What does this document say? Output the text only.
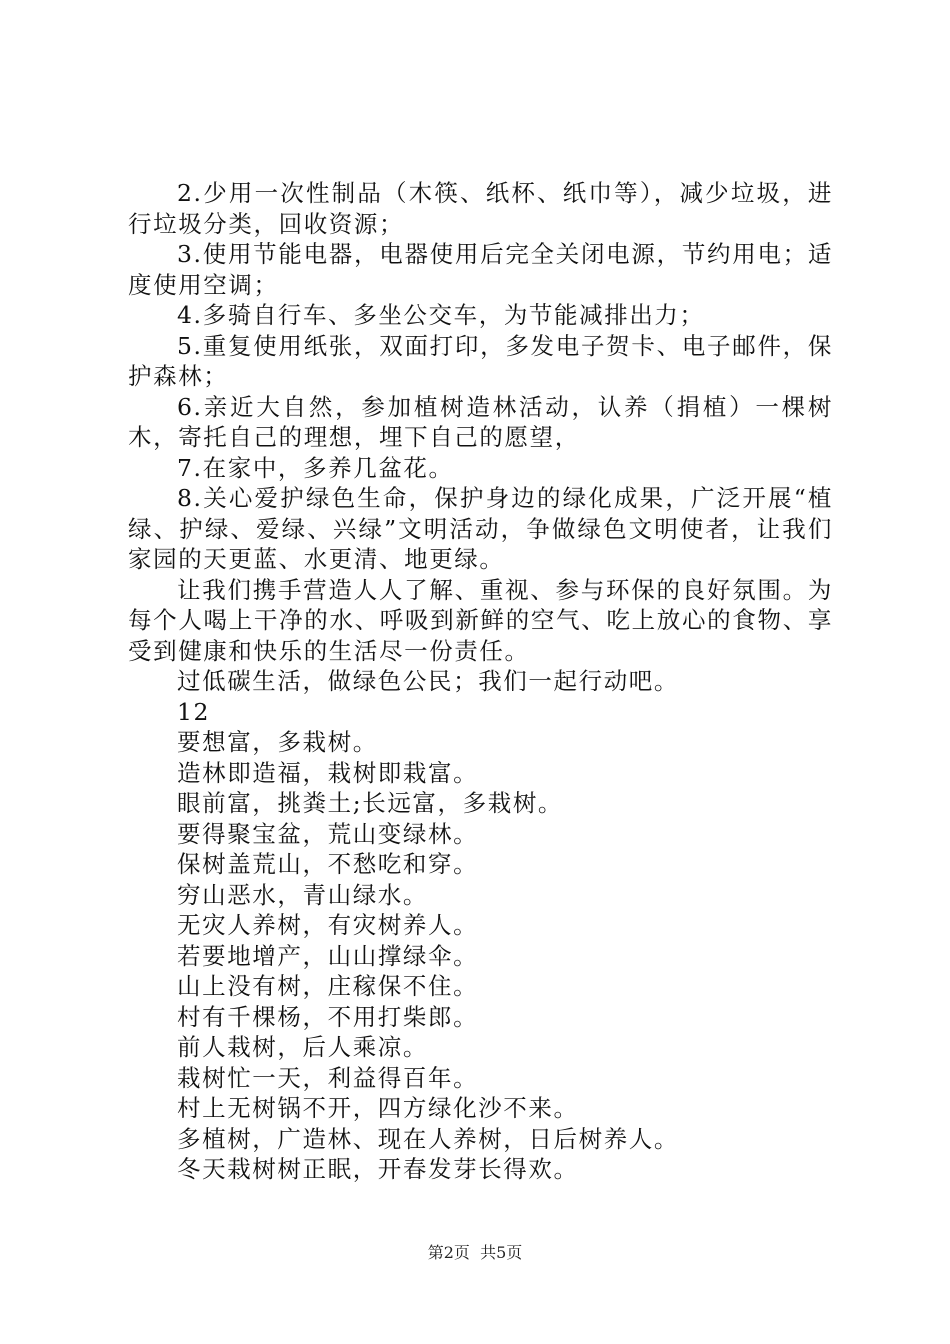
2.少用一次性制品（木筷、纸杯、纸巾等），减少垃圾，进行垃圾分类，回收资源；

3.使用节能电器，电器使用后完全关闭电源，节约用电；适度使用空调；

4.多骑自行车、多坐公交车，为节能减排出力；

5.重复使用纸张，双面打印，多发电子贺卡、电子邮件，保护森林；

6.亲近大自然，参加植树造林活动，认养（捐植）一棵树木，寄托自己的理想，埋下自己的愿望，

7.在家中，多养几盆花。

8.关心爱护绿色生命，保护身边的绿化成果，广泛开展“植绿、护绿、爱绿、兴绿”文明活动，争做绿色文明使者，让我们家园的天更蓝、水更清、地更绿。

让我们携手营造人人了解、重视、参与环保的良好氛围。为每个人喝上干净的水、呼吸到新鲜的空气、吃上放心的食物、享受到健康和快乐的生活尽一份责任。

过低碳生活，做绿色公民；我们一起行动吧。

12

要想富，多栽树。

造林即造福，栽树即栽富。

眼前富，挑粪土;长远富，多栽树。

要得聚宝盆，荒山变绿林。

保树盖荒山，不愁吃和穿。

穷山恶水，青山绿水。

无灾人养树，有灾树养人。

若要地增产，山山撑绿伞。

山上没有树，庄稼保不住。

村有千棵杨，不用打柴郎。

前人栽树，后人乘凉。

栽树忙一天，利益得百年。

村上无树锅不开，四方绿化沙不来。

多植树，广造林、现在人养树，日后树养人。

冬天栽树树正眠，开春发芽长得欢。

第2页  共5页
